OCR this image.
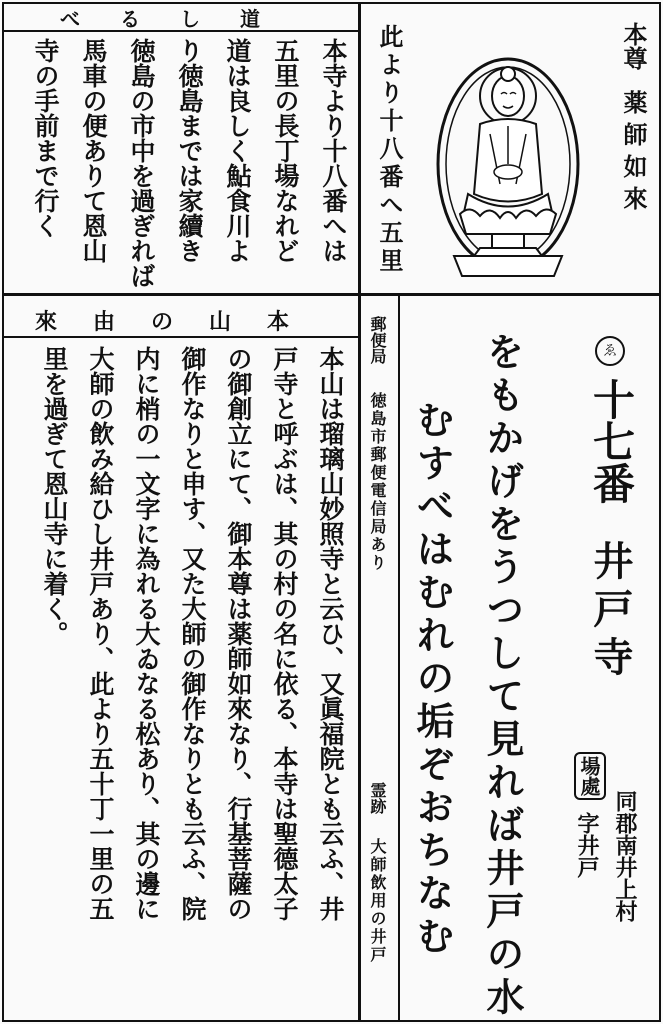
道しるべ

本寺より十八番へは

五里の長丁場なれど

道は良しく鮎食川よ

り徳島までは家續き

徳島の市中を過ぎれば

馬車の便ありて恩山

寺の手前まで行く	本尊
薬師如來
此より十八番へ五里
本山の由來

本山は瑠璃山妙照寺と云ひ、又眞福院とも云ふ、井

戸寺と呼ぶは、其の村の名に依る、本寺は聖德太子

の御創立にて、御本尊は薬師如來なり、行基菩薩の

御作なりと申す、又た大師の御作なりとも云ふ、院

内に梢の一文字に為れる大ゐなる松あり、其の邊に

大師の飲み給ひし井戸あり、此より五十丁一里の五

里を過ぎて恩山寺に着く。

郵便局
徳島市郵便電信局あり
霊跡
大師飲用の井戸
ゑ
十七番
井戸寺
場處
同郡南井上村
字井戸
をもかげをうつして見れば井戸の水
むすべはむれの垢ぞおちなむ
